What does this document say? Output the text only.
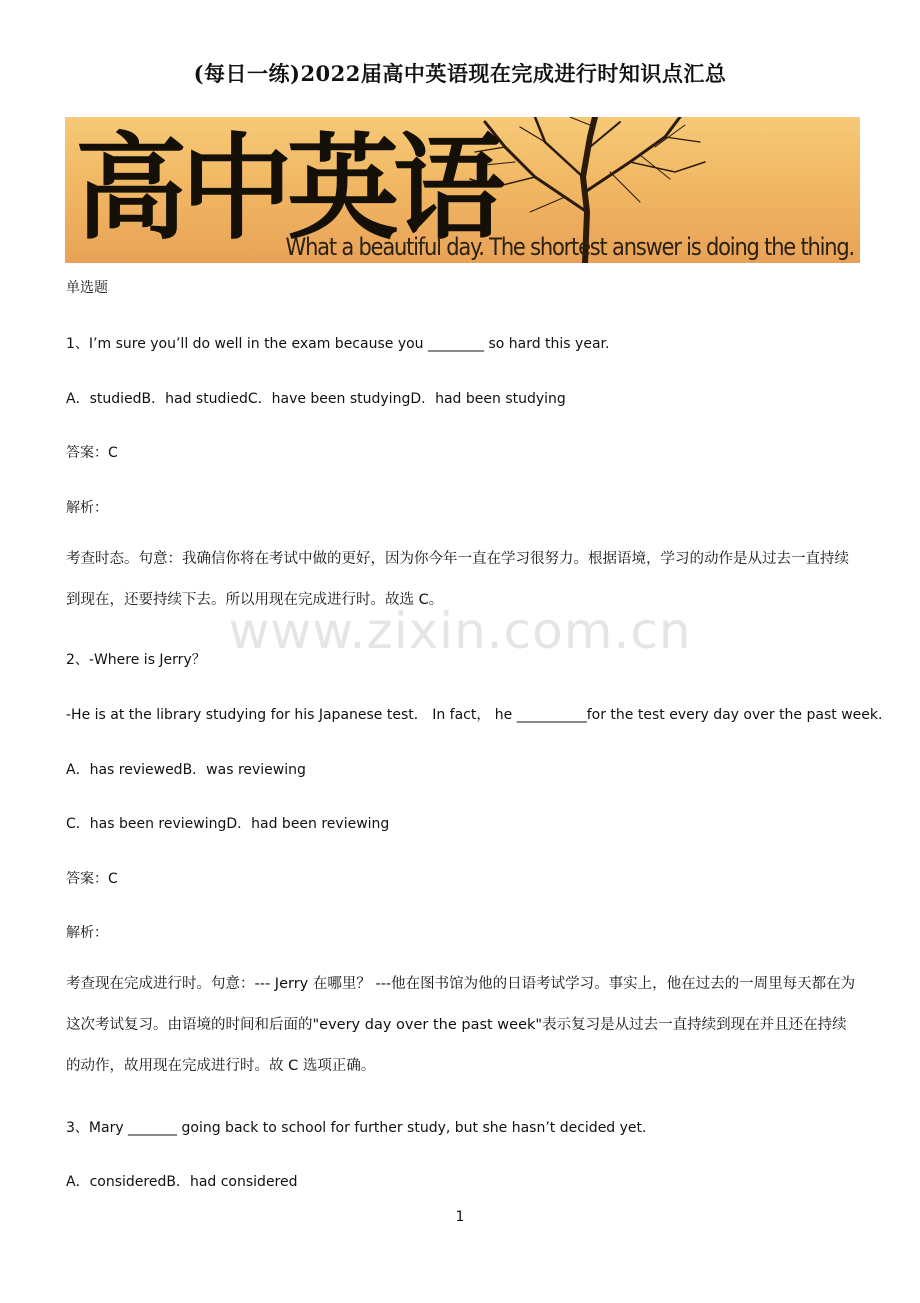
(每日一练)2022届高中英语现在完成进行时知识点汇总
高中英语
What a beautiful day. The shortest answer is doing the thing.
单选题
1、I’m sure you’ll do well in the exam because you ________ so hard this year.
A．studiedB．had studiedC．have been studyingD．had been studying
答案：C
解析：
考查时态。句意：我确信你将在考试中做的更好，因为你今年一直在学习很努力。根据语境，学习的动作是从过去一直持续到现在，还要持续下去。所以用现在完成进行时。故选 C。
2、-Where is Jerry？
-He is at the library studying for his Japanese test． In fact， he __________for the test every day over the past week.
A．has reviewedB．was reviewing
C．has been reviewingD．had been reviewing
答案：C
解析：
考查现在完成进行时。句意：--- Jerry 在哪里？ ---他在图书馆为他的日语考试学习。事实上，他在过去的一周里每天都在为这次考试复习。由语境的时间和后面的"every day over the past week"表示复习是从过去一直持续到现在并且还在持续的动作，故用现在完成进行时。故 C 选项正确。
3、Mary _______ going back to school for further study, but she hasn’t decided yet.
A．consideredB．had considered
www.zixin.com.cn
1
